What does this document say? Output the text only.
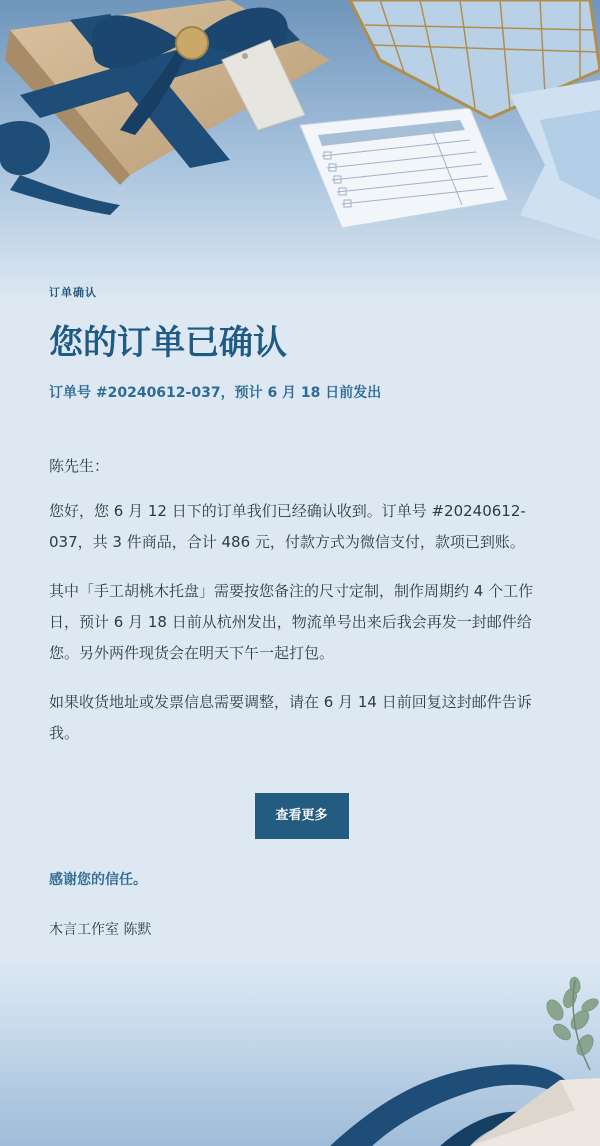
订单确认

您的订单已确认

订单号 #20240612-037，预计 6 月 18 日前发出

陈先生：

您好，您 6 月 12 日下的订单我们已经确认收到。订单号 #20240612-037，共 3 件商品，合计 486 元，付款方式为微信支付，款项已到账。

其中「手工胡桃木托盘」需要按您备注的尺寸定制，制作周期约 4 个工作日，预计 6 月 18 日前从杭州发出，物流单号出来后我会再发一封邮件给您。另外两件现货会在明天下午一起打包。

如果收货地址或发票信息需要调整，请在 6 月 14 日前回复这封邮件告诉我。

查看更多

感谢您的信任。

木言工作室 陈默
